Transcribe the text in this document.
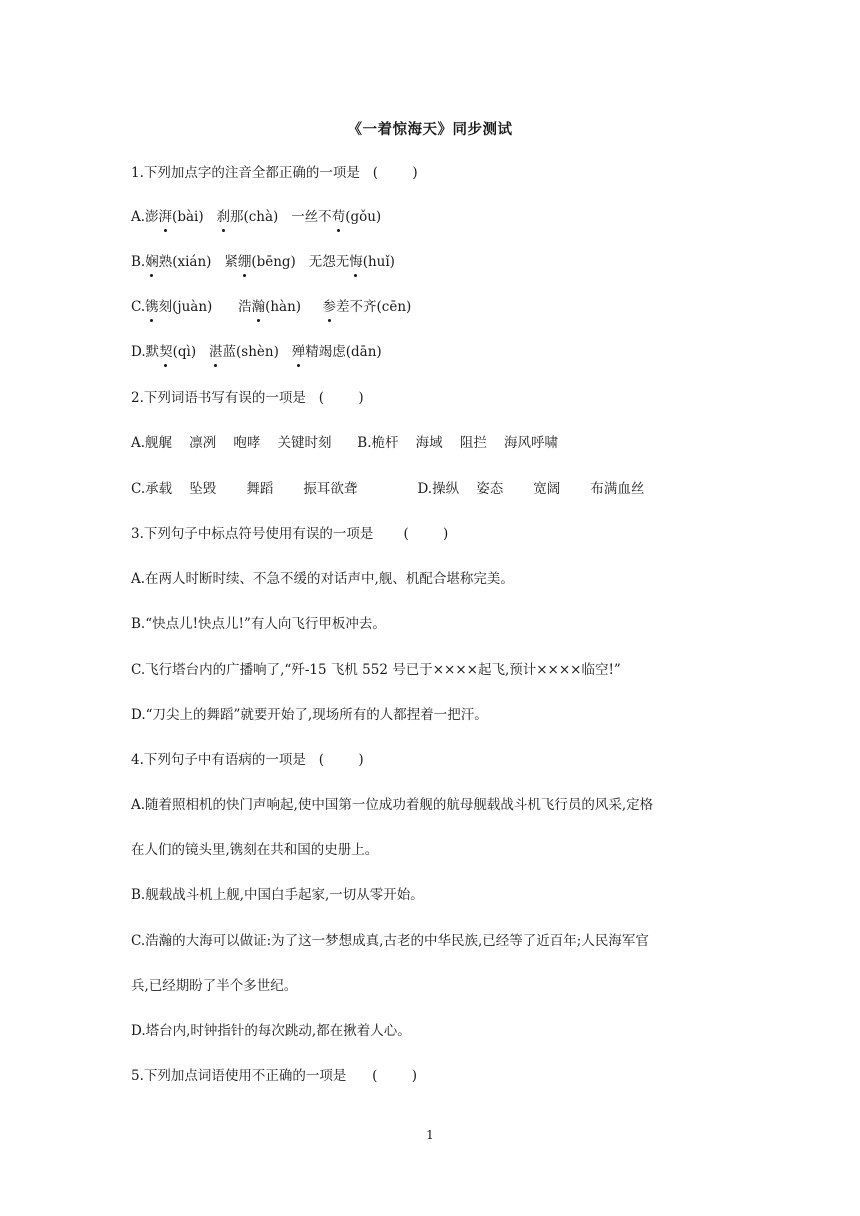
《一着惊海天》同步测试
1.下列加点字的注音全都正确的一项是 (        )
A.澎湃(bài) 刹那(chà) 一丝不苟(gǒu)
B.娴熟(xián) 紧绷(bēng) 无怨无悔(huǐ)
C.镌刻(juàn) 浩瀚(hàn) 参差不齐(cēn)
D.默契(qì) 湛蓝(shèn) 殚精竭虑(dān)
2.下列词语书写有误的一项是 (        )
A.舰艉    凛冽    咆哮    关键时刻      B.桅杆    海域    阻拦    海风呼啸
C.承载    坠毁       舞蹈       振耳欲聋              D.操纵    姿态       宽阔       布满血丝
3.下列句子中标点符号使用有误的一项是 (        )
A.在两人时断时续、不急不缓的对话声中,舰、机配合堪称完美。
B.“快点儿!快点儿!”有人向飞行甲板冲去。
C.飞行塔台内的广播响了,“歼-15 飞机 552 号已于××××起飞,预计××××临空!”
D.“刀尖上的舞蹈”就要开始了,现场所有的人都捏着一把汗。
4.下列句子中有语病的一项是 (        )
A.随着照相机的快门声响起,使中国第一位成功着舰的航母舰载战斗机飞行员的风采,定格
在人们的镜头里,镌刻在共和国的史册上。
B.舰载战斗机上舰,中国白手起家,一切从零开始。
C.浩瀚的大海可以做证:为了这一梦想成真,古老的中华民族,已经等了近百年;人民海军官
兵,已经期盼了半个多世纪。
D.塔台内,时钟指针的每次跳动,都在揪着人心。
5.下列加点词语使用不正确的一项是 (        )
1
